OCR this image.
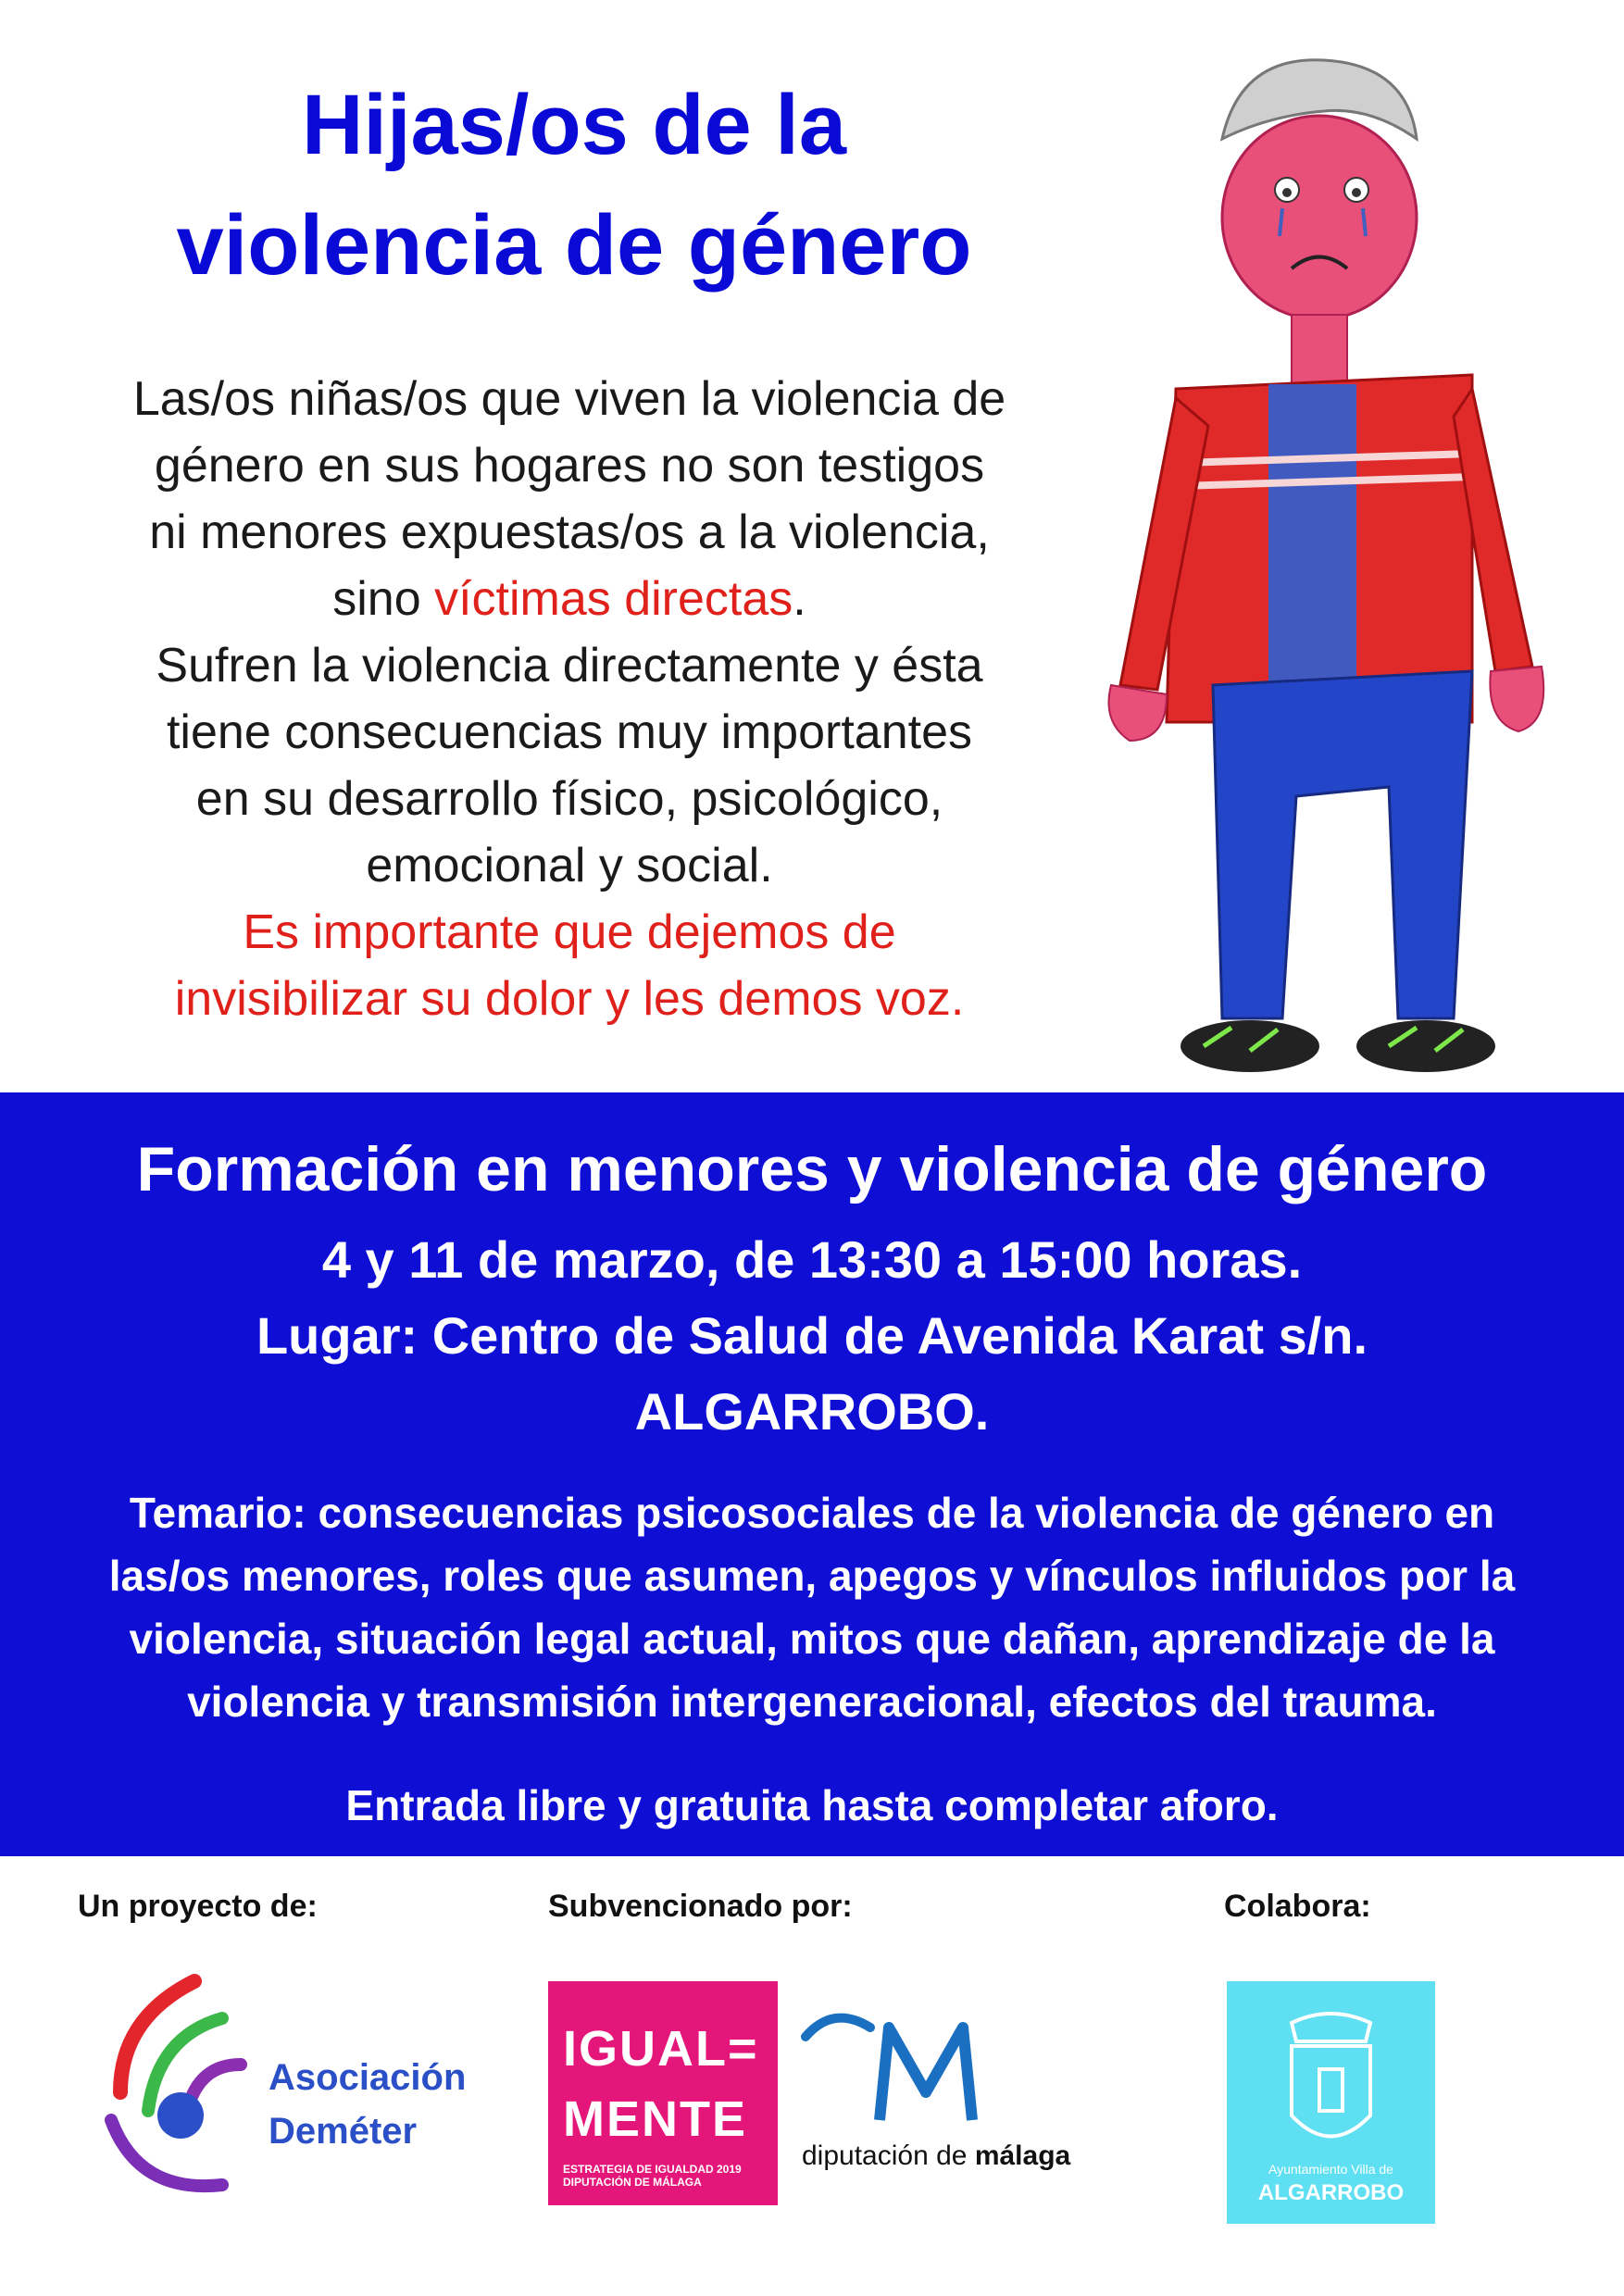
Hijas/os de la
violencia de género
Las/os niñas/os que viven la violencia de
género en sus hogares no son testigos
ni menores expuestas/os a la violencia,
sino víctimas directas.
Sufren la violencia directamente y ésta
tiene consecuencias muy importantes
en su desarrollo físico, psicológico,
emocional y social.
Es importante que dejemos de
invisibilizar su dolor y les demos voz.
Formación en menores y violencia de género
4 y 11 de marzo, de 13:30 a 15:00 horas.
Lugar: Centro de Salud de Avenida Karat s/n.
ALGARROBO.
Temario: consecuencias psicosociales de la violencia de género en
las/os menores, roles que asumen, apegos y vínculos influidos por la
violencia, situación legal actual, mitos que dañan, aprendizaje de la
violencia y transmisión intergeneracional, efectos del trauma.
Entrada libre y gratuita hasta completar aforo.
Un proyecto de:	Subvencionado por:	Colabora:
Asociación
Deméter
IGUAL=
MENTE
ESTRATEGIA DE IGUALDAD 2019
DIPUTACIÓN DE MÁLAGA
diputación de málaga	Ayuntamiento Villa de
ALGARROBO
